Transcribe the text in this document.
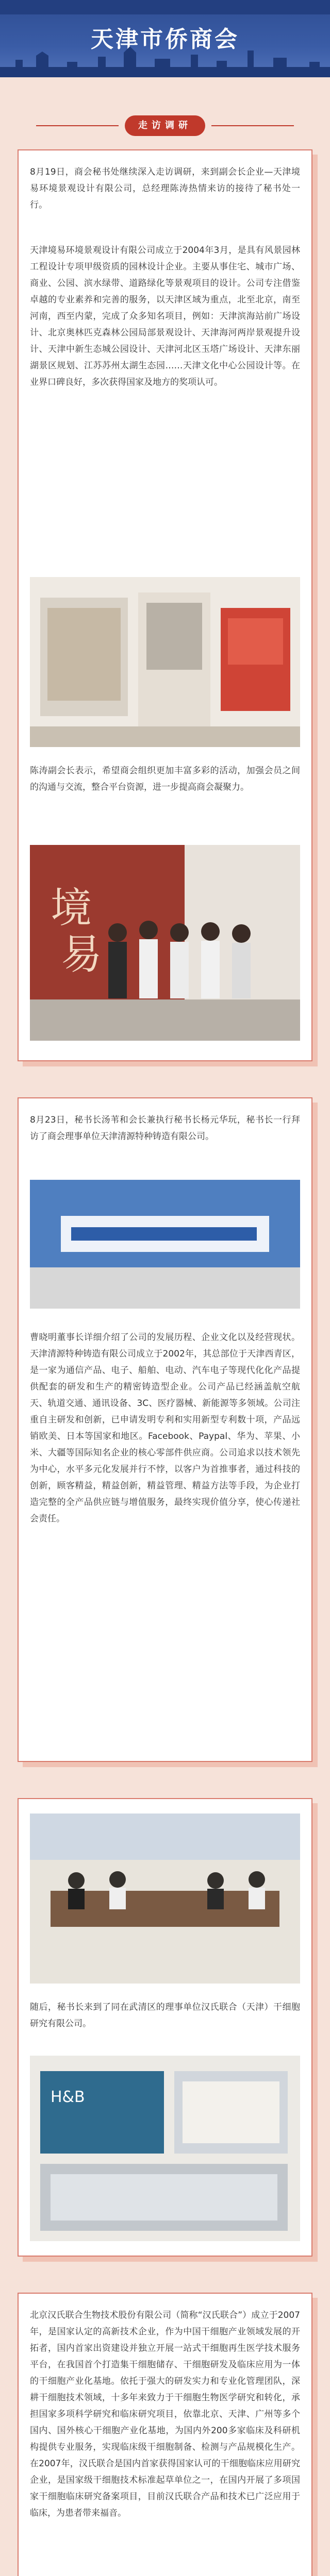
天津市侨商会
走访调研
8月19日，商会秘书处继续深入走访调研，来到副会长企业—天津境易环境景观设计有限公司，总经理陈涛热情来访的接待了秘书处一行。
天津境易环境景观设计有限公司成立于2004年3月，是具有风景园林工程设计专项甲级资质的园林设计企业。主要从事住宅、城市广场、商业、公园、滨水绿带、道路绿化等景观项目的设计。公司专注借鉴卓越的专业素养和完善的服务，以天津区域为重点，北至北京，南至河南，西至内蒙，完成了众多知名项目，例如：天津滨海站前广场设计、北京奥林匹克森林公园局部景观设计、天津海河两岸景观提升设计、天津中新生态城公园设计、天津河北区玉塔广场设计、天津东丽湖景区规划、江苏苏州太湖生态园……天津文化中心公园设计等。在业界口碑良好，多次获得国家及地方的奖项认可。
陈涛副会长表示，希望商会组织更加丰富多彩的活动，加强会员之间的沟通与交流，整合平台资源，进一步提高商会凝聚力。
境
易
8月23日，秘书长汤苇和会长兼执行秘书长杨元华玩，秘书长一行拜访了商会理事单位天津清源特种铸造有限公司。
曹晓明董事长详细介绍了公司的发展历程、企业文化以及经营现状。天津清源特种铸造有限公司成立于2002年，其总部位于天津西青区，是一家为通信产品、电子、船舶、电动、汽车电子等现代化化产品提供配套的研发和生产的精密铸造型企业。公司产品已经涵盖航空航天、轨道交通、通讯设备、3C、医疗器械、新能源等多领域。公司注重自主研发和创新，已申请发明专利和实用新型专利数十项，产品远销欧美、日本等国家和地区。Facebook、Paypal、华为、苹果、小米、大疆等国际知名企业的核心零部件供应商。公司追求以技术领先为中心，水平多元化发展并行不悖，以客户为首推事者，通过科技的创新，顾客精益，精益创新，精益管理、精益方法等手段，为企业打造完整的全产品供应链与增值服务，最终实现价值分享，使心传递社会责任。
随后，秘书长来到了同在武清区的理事单位汉氏联合（天津）干细胞研究有限公司。
H&B
北京汉氏联合生物技术股份有限公司（简称“汉氏联合”）成立于2007年，是国家认定的高新技术企业，作为中国干细胞产业领域发展的开拓者，国内首家出资建设并独立开展一站式干细胞再生医学技术服务平台，在我国首个打造集干细胞储存、干细胞研发及临床应用为一体的干细胞产业化基地。依托于强大的研发实力和专业化管理团队，深耕干细胞技术领域，十多年来致力于干细胞生物医学研究和转化，承担国家多项科学研究和临床研究项目，依靠北京、天津、广州等多个国内、国外核心干细胞产业化基地，为国内外200多家临床及科研机构提供专业服务，实现临床级干细胞制备、检测与产品规模化生产。在2007年，汉氏联合是国内首家获得国家认可的干细胞临床应用研究企业，是国家级干细胞技术标准起草单位之一，在国内开展了多项国家干细胞临床研究备案项目，目前汉氏联合产品和技术已广泛应用于临床，为患者带来福音。
